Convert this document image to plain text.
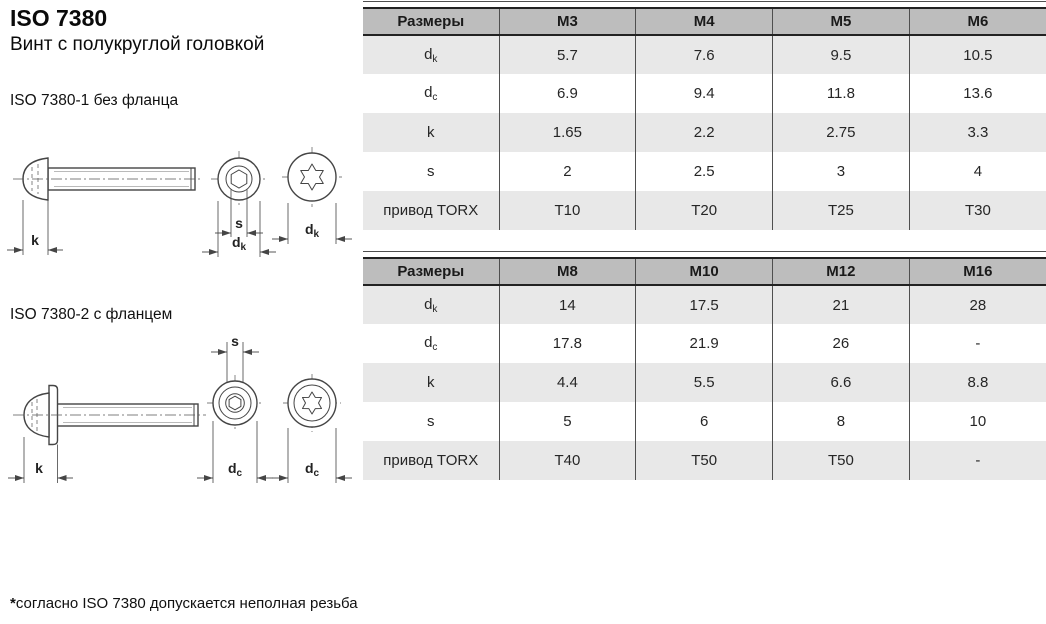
ISO 7380
Винт с полукруглой головкой
ISO 7380-1 без фланца
k
s
$d_k$
$d_k$
ISO 7380-2 с фланцем
k
s
$d_c$	$d_c$
*согласно ISO 7380 допускается неполная резьба
Размеры	M3	M4	M5	M6
$d_k$	5.7	7.6	9.5	10.5
$d_c$	6.9	9.4	11.8	13.6
k	1.65	2.2	2.75	3.3
s	2	2.5	3	4
привод TORX	T10	T20	T25	T30
Размеры	M8	M10	M12	M16
$d_k$	14	17.5	21	28
$d_c$	17.8	21.9	26	-
k	4.4	5.5	6.6	8.8
s	5	6	8	10
привод TORX	T40	T50	T50	-
